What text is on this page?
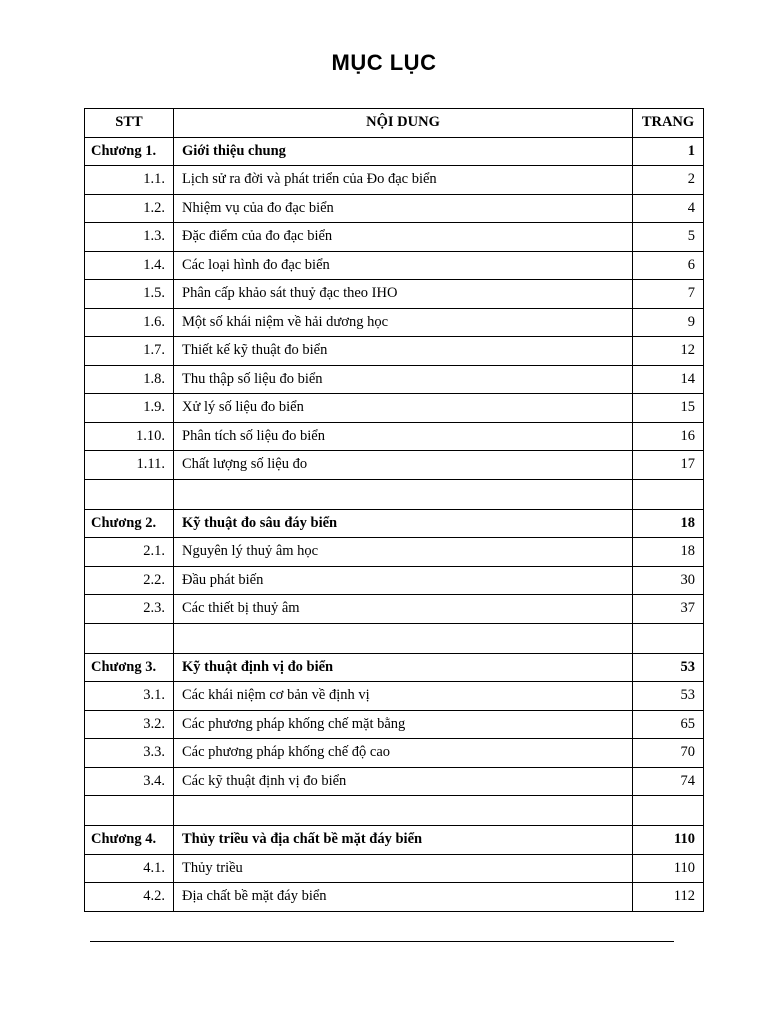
MỤC LỤC
STT	NỘI DUNG	TRANG
Chương 1.	Giới thiệu chung	1
1.1.	Lịch sử ra đời và phát triển của Đo đạc biển	2
1.2.	Nhiệm vụ của đo đạc biển	4
1.3.	Đặc điểm của đo đạc biển	5
1.4.	Các loại hình đo đạc biển	6
1.5.	Phân cấp khảo sát thuỷ đạc theo IHO	7
1.6.	Một số khái niệm về hải dương học	9
1.7.	Thiết kế kỹ thuật đo biển	12
1.8.	Thu thập số liệu đo biển	14
1.9.	Xử lý số liệu đo biển	15
1.10.	Phân tích số liệu đo biển	16
1.11.	Chất lượng số liệu đo	17

Chương 2.	Kỹ thuật đo sâu đáy biển	18
2.1.	Nguyên lý thuỷ âm học	18
2.2.	Đầu phát biến	30
2.3.	Các thiết bị thuỷ âm	37

Chương 3.	Kỹ thuật định vị đo biển	53
3.1.	Các khái niệm cơ bản về định vị	53
3.2.	Các phương pháp khống chế mặt bằng	65
3.3.	Các phương pháp khống chế độ cao	70
3.4.	Các kỹ thuật định vị đo biển	74

Chương 4.	Thủy triều và địa chất bề mặt đáy biển	110
4.1.	Thủy triều	110
4.2.	Địa chất bề mặt đáy biển	112
